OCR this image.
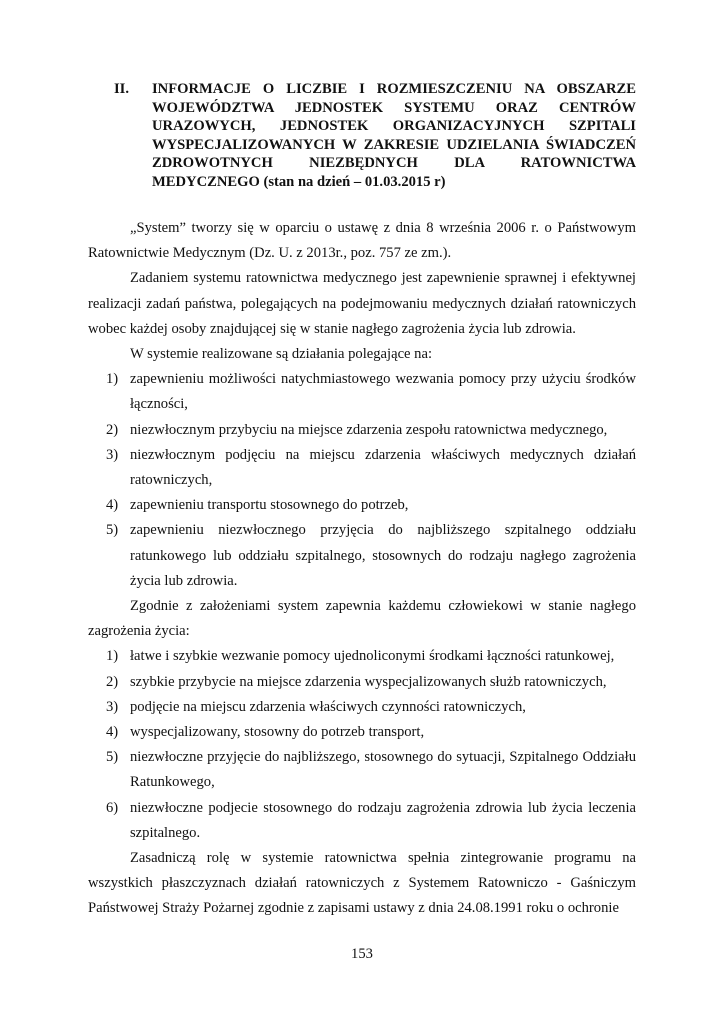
II.	INFORMACJE O LICZBIE I ROZMIESZCZENIU NA OBSZARZE WOJEWÓDZTWA JEDNOSTEK SYSTEMU ORAZ CENTRÓW URAZOWYCH, JEDNOSTEK ORGANIZACYJNYCH SZPITALI WYSPECJALIZOWANYCH W ZAKRESIE UDZIELANIA ŚWIADCZEŃ ZDROWOTNYCH NIEZBĘDNYCH DLA RATOWNICTWA MEDYCZNEGO (stan na dzień – 01.03.2015 r)

„System” tworzy się w oparciu o ustawę z dnia 8 września 2006 r. o Państwowym Ratownictwie Medycznym (Dz. U. z 2013r., poz. 757 ze zm.).

Zadaniem systemu ratownictwa medycznego jest zapewnienie sprawnej i efektywnej realizacji zadań państwa, polegających na podejmowaniu medycznych działań ratowniczych wobec każdej osoby znajdującej się w stanie nagłego zagrożenia życia lub zdrowia.

W systemie realizowane są działania polegające na:

1) zapewnieniu możliwości natychmiastowego wezwania pomocy przy użyciu środków łączności,
2) niezwłocznym przybyciu na miejsce zdarzenia zespołu ratownictwa medycznego,
3) niezwłocznym podjęciu na miejscu zdarzenia właściwych medycznych działań ratowniczych,
4) zapewnieniu transportu stosownego do potrzeb,
5) zapewnieniu niezwłocznego przyjęcia do najbliższego szpitalnego oddziału ratunkowego lub oddziału szpitalnego, stosownych do rodzaju nagłego zagrożenia życia lub zdrowia.

Zgodnie z założeniami system zapewnia każdemu człowiekowi w stanie nagłego zagrożenia życia:

1) łatwe i szybkie wezwanie pomocy ujednoliconymi środkami łączności ratunkowej,
2) szybkie przybycie na miejsce zdarzenia wyspecjalizowanych służb ratowniczych,
3) podjęcie na miejscu zdarzenia właściwych czynności ratowniczych,
4) wyspecjalizowany, stosowny do potrzeb transport,
5) niezwłoczne przyjęcie do najbliższego, stosownego do sytuacji, Szpitalnego Oddziału Ratunkowego,
6) niezwłoczne podjecie stosownego do rodzaju zagrożenia zdrowia lub życia leczenia szpitalnego.

Zasadniczą rolę w systemie ratownictwa spełnia zintegrowanie programu na wszystkich płaszczyznach działań ratowniczych z Systemem Ratowniczo - Gaśniczym Państwowej Straży Pożarnej zgodnie z zapisami ustawy z dnia 24.08.1991 roku o ochronie

153
